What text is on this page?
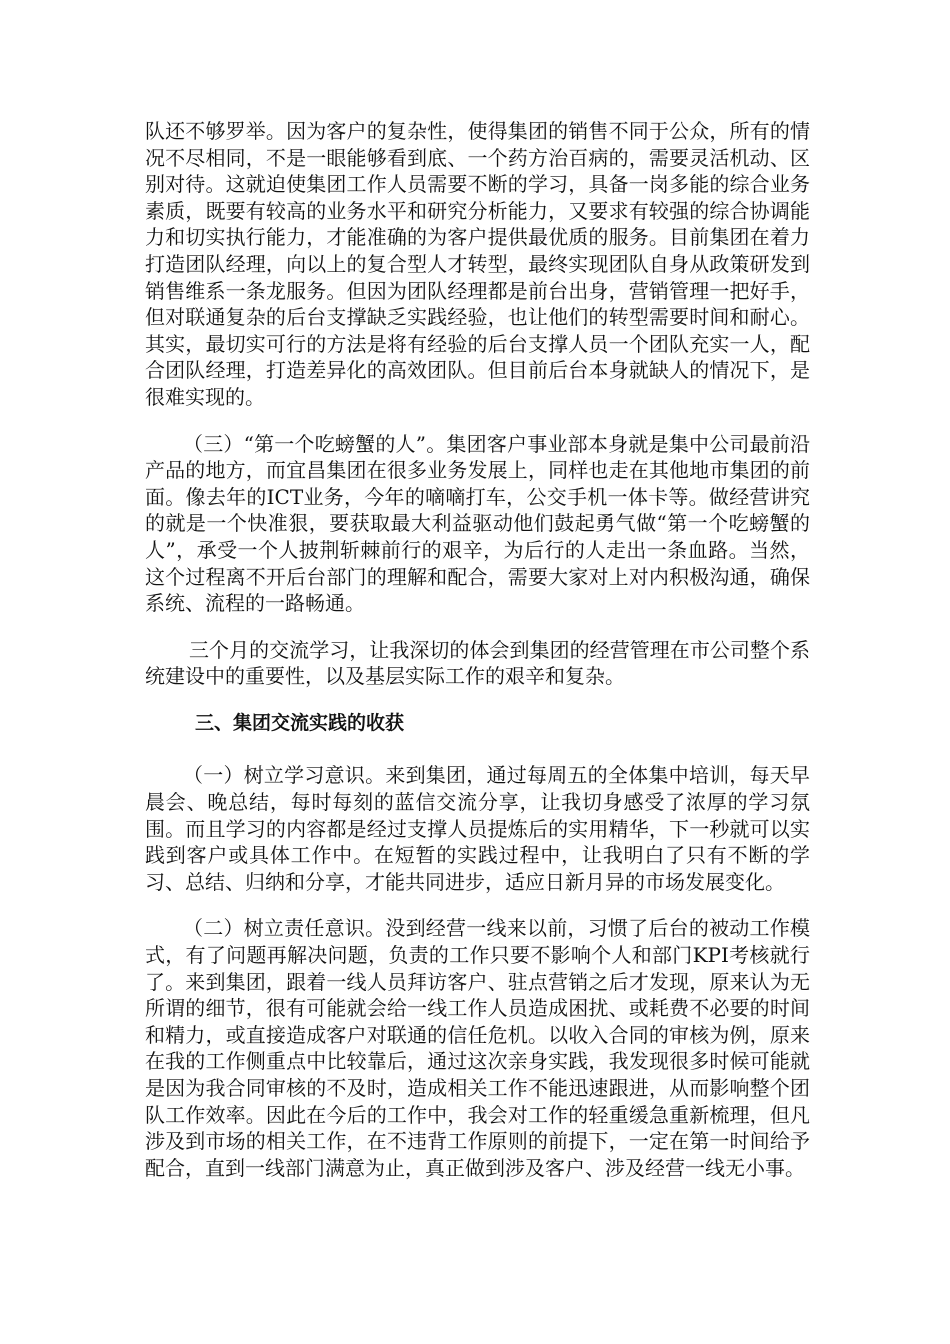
队还不够罗举。因为客户的复杂性，使得集团的销售不同于公众，所有的情况不尽相同，不是一眼能够看到底、一个药方治百病的，需要灵活机动、区别对待。这就迫使集团工作人员需要不断的学习，具备一岗多能的综合业务素质，既要有较高的业务水平和研究分析能力，又要求有较强的综合协调能力和切实执行能力，才能准确的为客户提供最优质的服务。目前集团在着力打造团队经理，向以上的复合型人才转型，最终实现团队自身从政策研发到销售维系一条龙服务。但因为团队经理都是前台出身，营销管理一把好手，但对联通复杂的后台支撑缺乏实践经验，也让他们的转型需要时间和耐心。其实，最切实可行的方法是将有经验的后台支撑人员一个团队充实一人，配合团队经理，打造差异化的高效团队。但目前后台本身就缺人的情况下，是很难实现的。

（三）“第一个吃螃蟹的人”。集团客户事业部本身就是集中公司最前沿产品的地方，而宜昌集团在很多业务发展上，同样也走在其他地市集团的前面。像去年的ICT业务，今年的嘀嘀打车，公交手机一体卡等。做经营讲究的就是一个快准狠，要获取最大利益驱动他们鼓起勇气做“第一个吃螃蟹的人”，承受一个人披荆斩棘前行的艰辛，为后行的人走出一条血路。当然，这个过程离不开后台部门的理解和配合，需要大家对上对内积极沟通，确保系统、流程的一路畅通。

三个月的交流学习，让我深切的体会到集团的经营管理在市公司整个系统建设中的重要性，以及基层实际工作的艰辛和复杂。

三、集团交流实践的收获

（一）树立学习意识。来到集团，通过每周五的全体集中培训，每天早晨会、晚总结，每时每刻的蓝信交流分享，让我切身感受了浓厚的学习氛围。而且学习的内容都是经过支撑人员提炼后的实用精华，下一秒就可以实践到客户或具体工作中。在短暂的实践过程中，让我明白了只有不断的学习、总结、归纳和分享，才能共同进步，适应日新月异的市场发展变化。

（二）树立责任意识。没到经营一线来以前，习惯了后台的被动工作模式，有了问题再解决问题，负责的工作只要不影响个人和部门KPI考核就行了。来到集团，跟着一线人员拜访客户、驻点营销之后才发现，原来认为无所谓的细节，很有可能就会给一线工作人员造成困扰、或耗费不必要的时间和精力，或直接造成客户对联通的信任危机。以收入合同的审核为例，原来在我的工作侧重点中比较靠后，通过这次亲身实践，我发现很多时候可能就是因为我合同审核的不及时，造成相关工作不能迅速跟进，从而影响整个团队工作效率。因此在今后的工作中，我会对工作的轻重缓急重新梳理，但凡涉及到市场的相关工作，在不违背工作原则的前提下，一定在第一时间给予配合，直到一线部门满意为止，真正做到涉及客户、涉及经营一线无小事。
